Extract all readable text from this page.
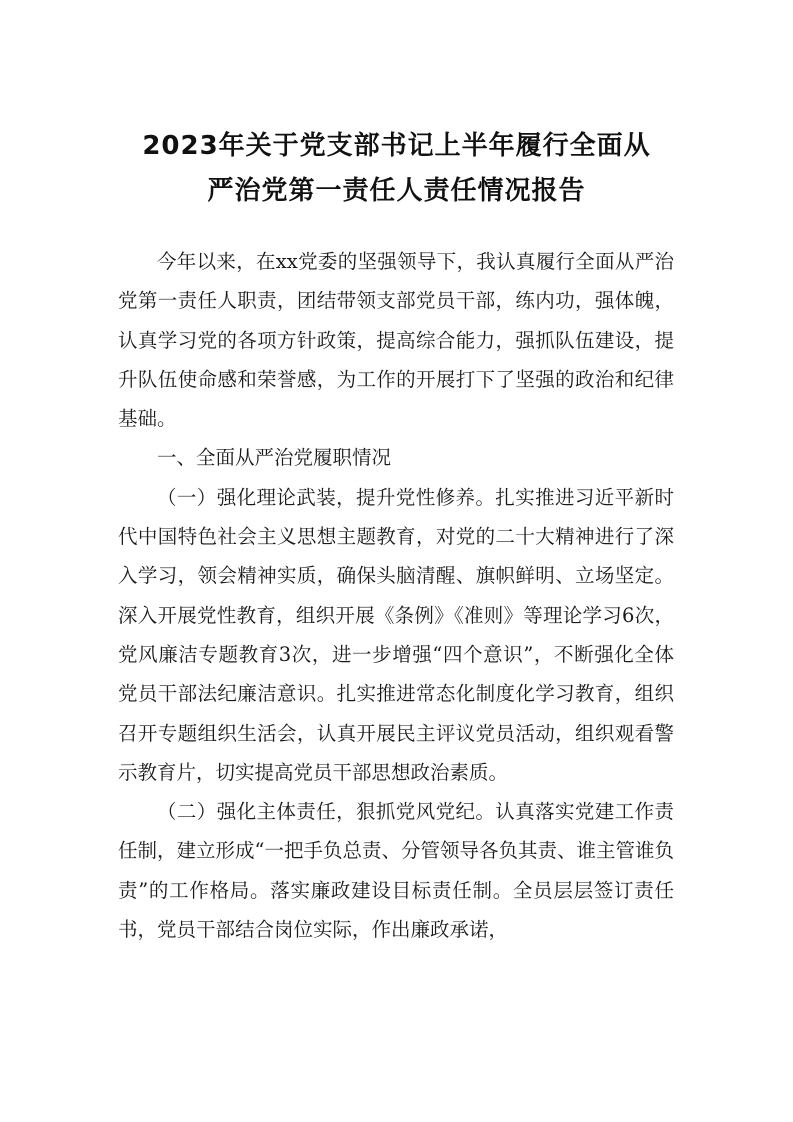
2023年关于党支部书记上半年履行全面从
严治党第一责任人责任情况报告

今年以来，在xx党委的坚强领导下，我认真履行全面从严治党第一责任人职责，团结带领支部党员干部，练内功，强体魄，认真学习党的各项方针政策，提高综合能力，强抓队伍建设，提升队伍使命感和荣誉感，为工作的开展打下了坚强的政治和纪律基础。

一、全面从严治党履职情况

（一）强化理论武装，提升党性修养。扎实推进习近平新时代中国特色社会主义思想主题教育，对党的二十大精神进行了深入学习，领会精神实质，确保头脑清醒、旗帜鲜明、立场坚定。深入开展党性教育，组织开展《条例》《准则》等理论学习6次，党风廉洁专题教育3次，进一步增强“四个意识”，不断强化全体党员干部法纪廉洁意识。扎实推进常态化制度化学习教育，组织召开专题组织生活会，认真开展民主评议党员活动，组织观看警示教育片，切实提高党员干部思想政治素质。

（二）强化主体责任，狠抓党风党纪。认真落实党建工作责任制，建立形成“一把手负总责、分管领导各负其责、谁主管谁负责”的工作格局。落实廉政建设目标责任制。全员层层签订责任书，党员干部结合岗位实际，作出廉政承诺，
